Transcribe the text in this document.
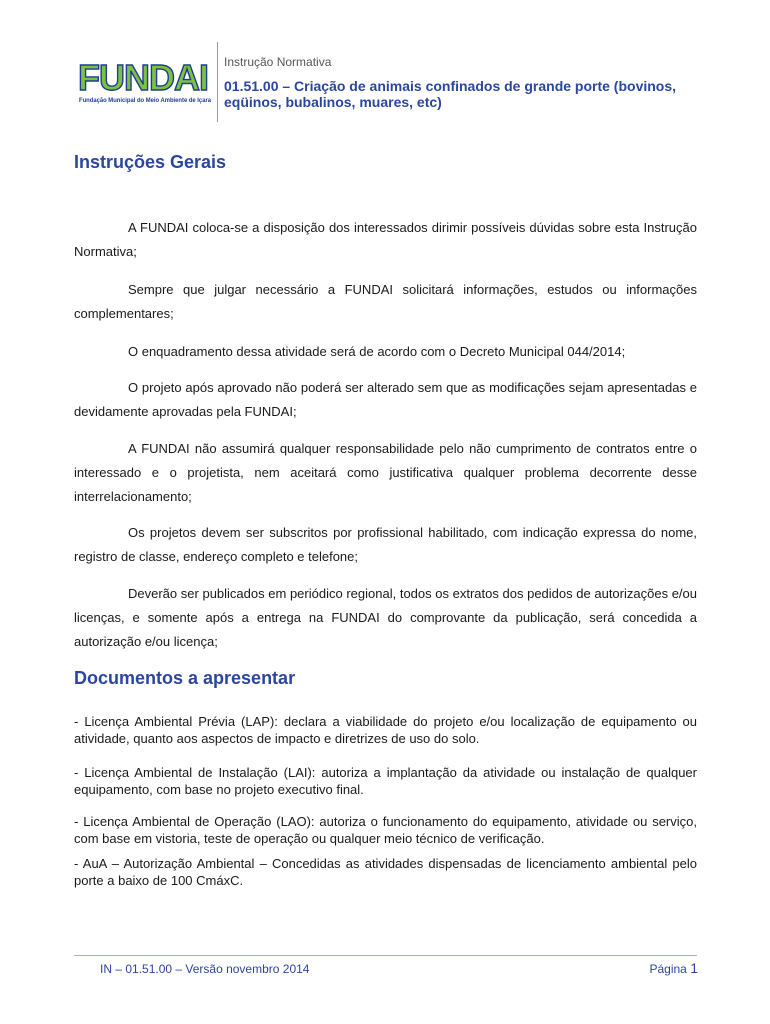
FUNDAI
Fundação Municipal do Meio Ambiente de Içara
Instrução Normativa
01.51.00 – Criação de animais confinados de grande porte (bovinos, eqüinos, bubalinos, muares, etc)
Instruções Gerais

A FUNDAI coloca-se a disposição dos interessados dirimir possíveis dúvidas sobre esta Instrução Normativa;

Sempre que julgar necessário a FUNDAI solicitará informações, estudos ou informações complementares;

O enquadramento dessa atividade será de acordo com o Decreto Municipal 044/2014;

O projeto após aprovado não poderá ser alterado sem que as modificações sejam apresentadas e devidamente aprovadas pela FUNDAI;

A FUNDAI não assumirá qualquer responsabilidade pelo não cumprimento de contratos entre o interessado e o projetista, nem aceitará como justificativa qualquer problema decorrente desse interrelacionamento;

Os projetos devem ser subscritos por profissional habilitado, com indicação expressa do nome, registro de classe, endereço completo e telefone;

Deverão ser publicados em periódico regional, todos os extratos dos pedidos de autorizações e/ou licenças, e somente após a entrega na FUNDAI do comprovante da publicação, será concedida a autorização e/ou licença;

Documentos a apresentar

- Licença Ambiental Prévia (LAP): declara a viabilidade do projeto e/ou localização de equipamento ou atividade, quanto aos aspectos de impacto e diretrizes de uso do solo.

- Licença Ambiental de Instalação (LAI): autoriza a implantação da atividade ou instalação de qualquer equipamento, com base no projeto executivo final.

- Licença Ambiental de Operação (LAO): autoriza o funcionamento do equipamento, atividade ou serviço, com base em vistoria, teste de operação ou qualquer meio técnico de verificação.

- AuA – Autorização Ambiental – Concedidas as atividades dispensadas de licenciamento ambiental pelo porte a baixo de 100 CmáxC.

IN – 01.51.00 – Versão novembro 2014	Página 1
